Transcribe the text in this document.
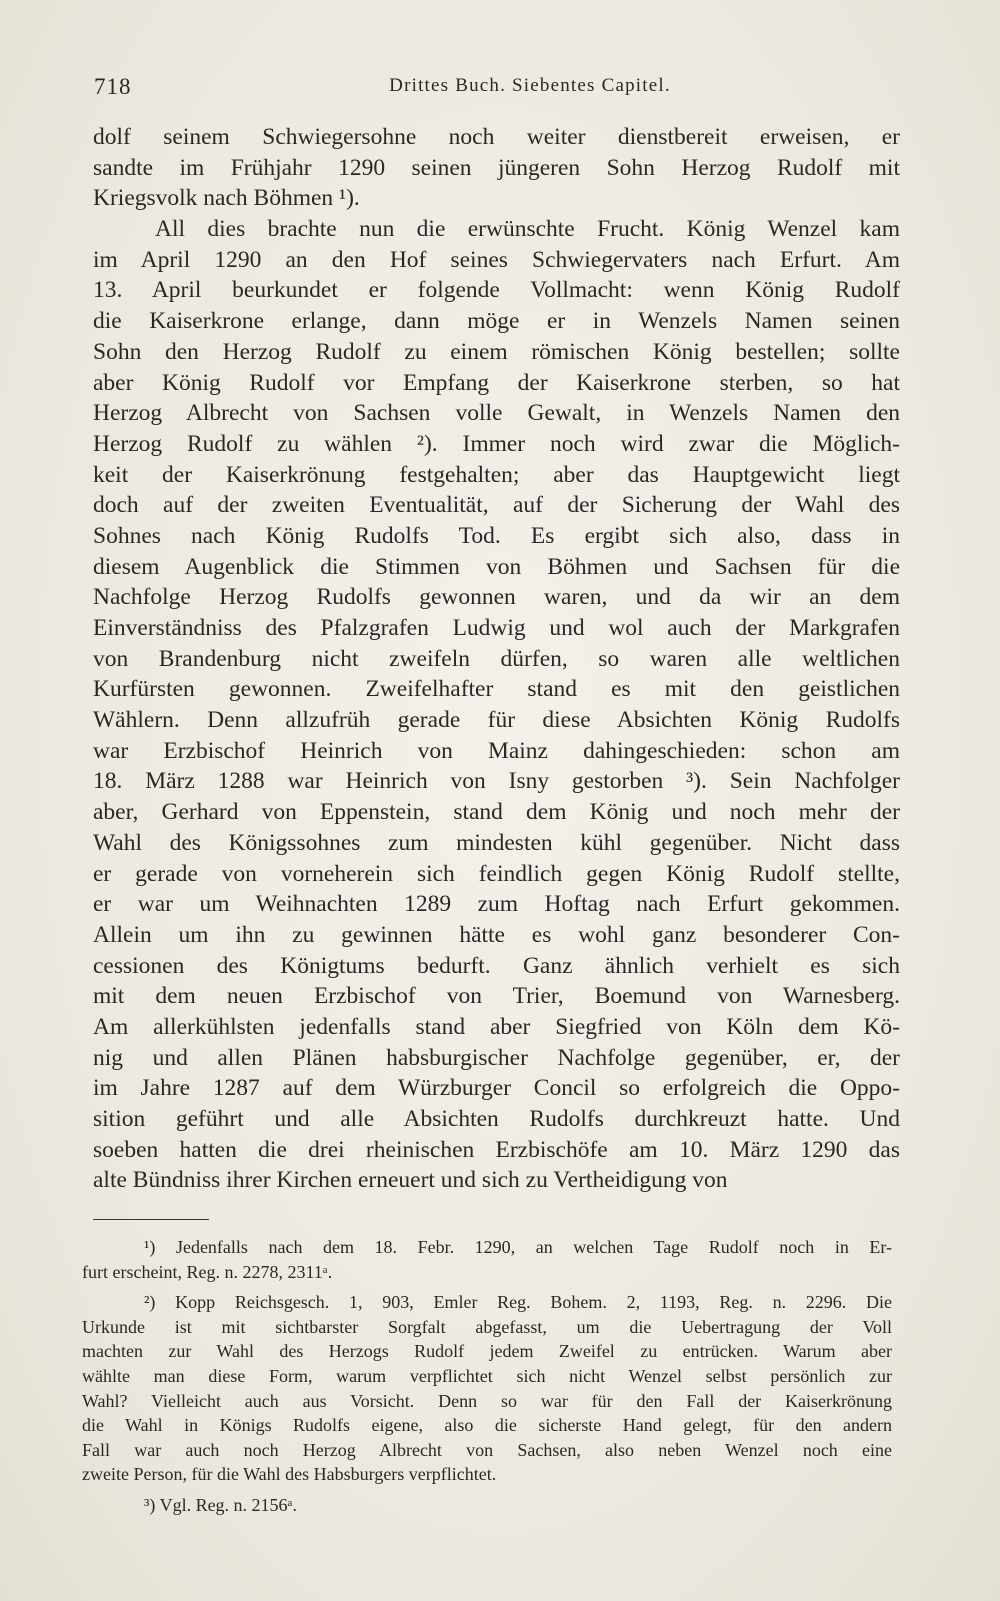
718	Drittes Buch. Siebentes Capitel.
dolf seinem Schwiegersohne noch weiter dienstbereit erweisen, er
sandte im Frühjahr 1290 seinen jüngeren Sohn Herzog Rudolf mit
Kriegsvolk nach Böhmen ¹).
All dies brachte nun die erwünschte Frucht. König Wenzel kam
im April 1290 an den Hof seines Schwiegervaters nach Erfurt. Am
13. April beurkundet er folgende Vollmacht: wenn König Rudolf
die Kaiserkrone erlange, dann möge er in Wenzels Namen seinen
Sohn den Herzog Rudolf zu einem römischen König bestellen; sollte
aber König Rudolf vor Empfang der Kaiserkrone sterben, so hat
Herzog Albrecht von Sachsen volle Gewalt, in Wenzels Namen den
Herzog Rudolf zu wählen ²). Immer noch wird zwar die Möglich-
keit der Kaiserkrönung festgehalten; aber das Hauptgewicht liegt
doch auf der zweiten Eventualität, auf der Sicherung der Wahl des
Sohnes nach König Rudolfs Tod. Es ergibt sich also, dass in
diesem Augenblick die Stimmen von Böhmen und Sachsen für die
Nachfolge Herzog Rudolfs gewonnen waren, und da wir an dem
Einverständniss des Pfalzgrafen Ludwig und wol auch der Markgrafen
von Brandenburg nicht zweifeln dürfen, so waren alle weltlichen
Kurfürsten gewonnen. Zweifelhafter stand es mit den geistlichen
Wählern. Denn allzufrüh gerade für diese Absichten König Rudolfs
war Erzbischof Heinrich von Mainz dahingeschieden: schon am
18. März 1288 war Heinrich von Isny gestorben ³). Sein Nachfolger
aber, Gerhard von Eppenstein, stand dem König und noch mehr der
Wahl des Königssohnes zum mindesten kühl gegenüber. Nicht dass
er gerade von vorneherein sich feindlich gegen König Rudolf stellte,
er war um Weihnachten 1289 zum Hoftag nach Erfurt gekommen.
Allein um ihn zu gewinnen hätte es wohl ganz besonderer Con-
cessionen des Königtums bedurft. Ganz ähnlich verhielt es sich
mit dem neuen Erzbischof von Trier, Boemund von Warnesberg.
Am allerkühlsten jedenfalls stand aber Siegfried von Köln dem Kö-
nig und allen Plänen habsburgischer Nachfolge gegenüber, er, der
im Jahre 1287 auf dem Würzburger Concil so erfolgreich die Oppo-
sition geführt und alle Absichten Rudolfs durchkreuzt hatte. Und
soeben hatten die drei rheinischen Erzbischöfe am 10. März 1290 das
alte Bündniss ihrer Kirchen erneuert und sich zu Vertheidigung von
¹) Jedenfalls nach dem 18. Febr. 1290, an welchen Tage Rudolf noch in Er-
furt erscheint, Reg. n. 2278, 2311ᵃ.
²) Kopp Reichsgesch. 1, 903, Emler Reg. Bohem. 2, 1193, Reg. n. 2296. Die
Urkunde ist mit sichtbarster Sorgfalt abgefasst, um die Uebertragung der Voll
machten zur Wahl des Herzogs Rudolf jedem Zweifel zu entrücken. Warum aber
wählte man diese Form, warum verpflichtet sich nicht Wenzel selbst persönlich zur
Wahl? Vielleicht auch aus Vorsicht. Denn so war für den Fall der Kaiserkrönung
die Wahl in Königs Rudolfs eigene, also die sicherste Hand gelegt, für den andern
Fall war auch noch Herzog Albrecht von Sachsen, also neben Wenzel noch eine
zweite Person, für die Wahl des Habsburgers verpflichtet.
³) Vgl. Reg. n. 2156ᵃ.
